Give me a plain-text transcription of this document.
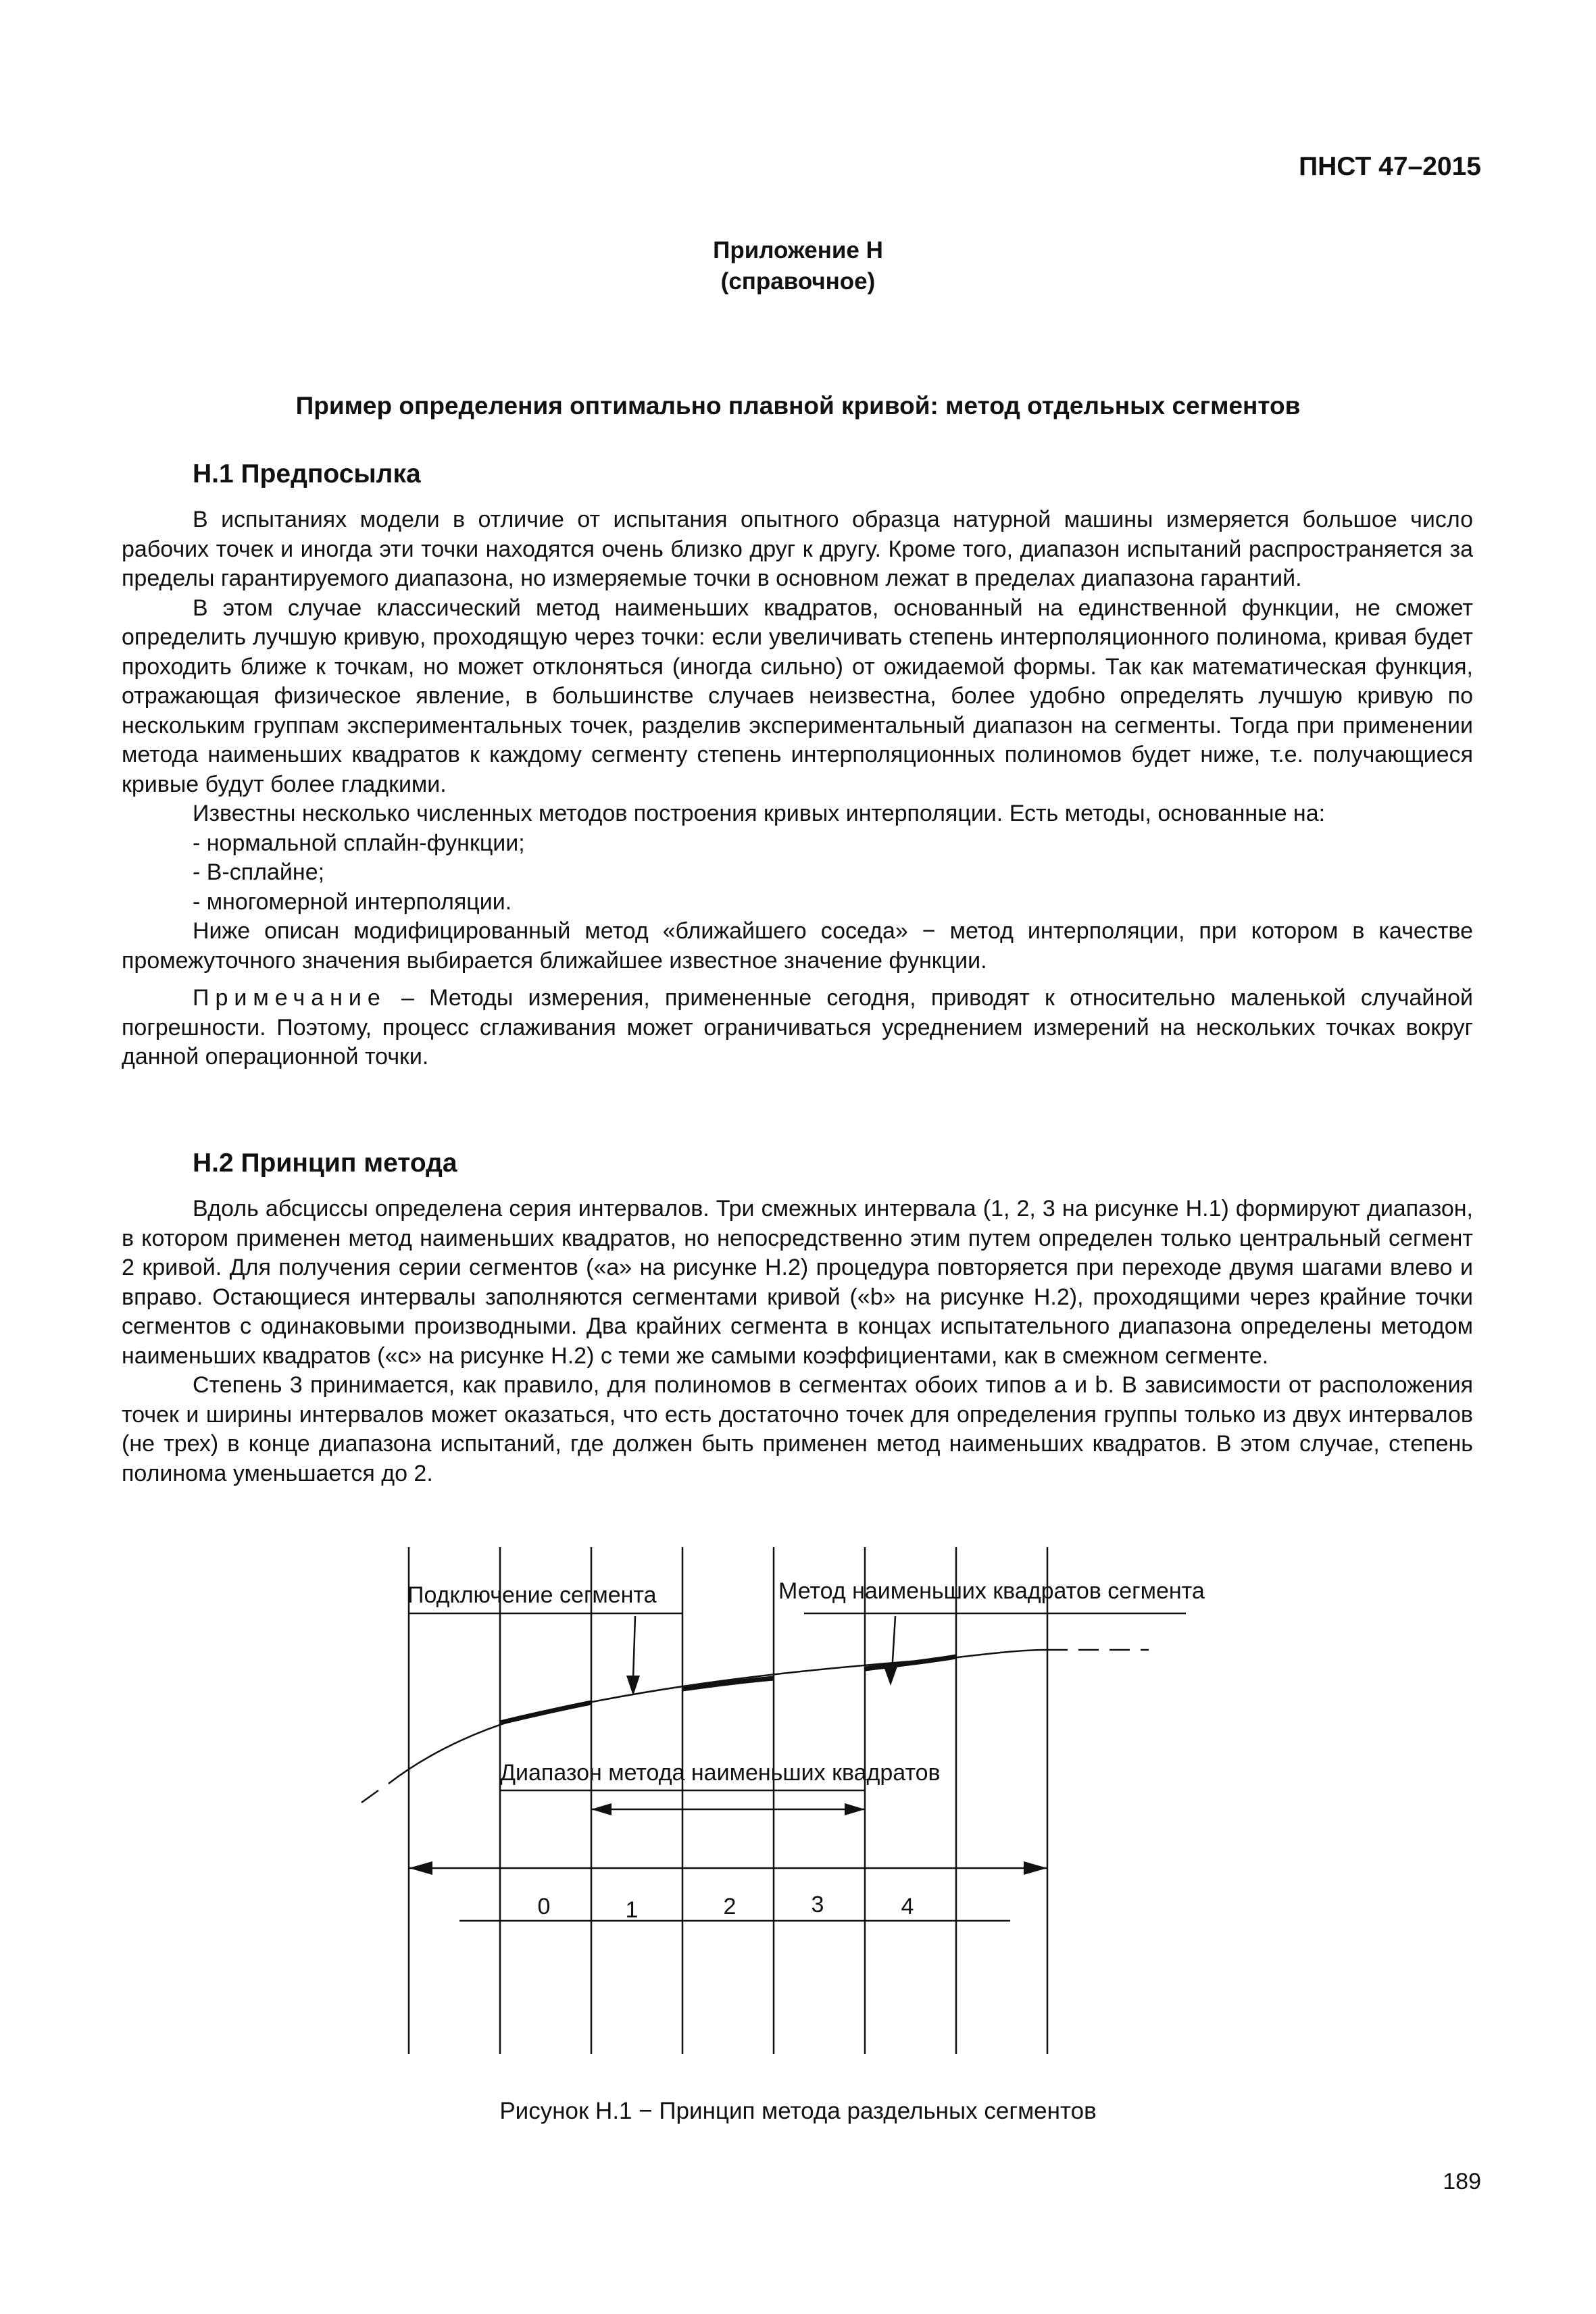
ПНСТ 47–2015
Приложение Н
(справочное)
Пример определения оптимально плавной кривой: метод отдельных сегментов
Н.1 Предпосылка

В испытаниях модели в отличие от испытания опытного образца натурной машины измеряется большое число рабочих точек и иногда эти точки находятся очень близко друг к другу. Кроме того, диапазон испытаний распространяется за пределы гарантируемого диапазона, но измеряемые точки в основном лежат в пределах диапазона гарантий.

В этом случае классический метод наименьших квадратов, основанный на единственной функции, не сможет определить лучшую кривую, проходящую через точки: если увеличивать степень интерполяционного полинома, кривая будет проходить ближе к точкам, но может отклоняться (иногда сильно) от ожидаемой формы. Так как математическая функция, отражающая физическое явление, в большинстве случаев неизвестна, более удобно определять лучшую кривую по нескольким группам экспериментальных точек, разделив экспериментальный диапазон на сегменты. Тогда при применении метода наименьших квадратов к каждому сегменту степень интерполяционных полиномов будет ниже, т.е. получающиеся кривые будут более гладкими.

Известны несколько численных методов построения кривых интерполяции. Есть методы, основанные на:

- нормальной сплайн-функции;

- В-сплайне;

- многомерной интерполяции.

Ниже описан модифицированный метод «ближайшего соседа» − метод интерполяции, при котором в качестве промежуточного значения выбирается ближайшее известное значение функции.

Примечание – Методы измерения, примененные сегодня, приводят к относительно маленькой случайной погрешности. Поэтому, процесс сглаживания может ограничиваться усреднением измерений на нескольких точках вокруг данной операционной точки.

Н.2 Принцип метода

Вдоль абсциссы определена серия интервалов. Три смежных интервала (1, 2, 3 на рисунке Н.1) формируют диапазон, в котором применен метод наименьших квадратов, но непосредственно этим путем определен только центральный сегмент 2 кривой. Для получения серии сегментов («a» на рисунке Н.2) процедура повторяется при переходе двумя шагами влево и вправо. Остающиеся интервалы заполняются сегментами кривой («b» на рисунке Н.2), проходящими через крайние точки сегментов с одинаковыми производными. Два крайних сегмента в концах испытательного диапазона определены методом наименьших квадратов («c» на рисунке Н.2) с теми же самыми коэффициентами, как в смежном сегменте.

Степень 3 принимается, как правило, для полиномов в сегментах обоих типов a и b. В зависимости от расположения точек и ширины интервалов может оказаться, что есть достаточно точек для определения группы только из двух интервалов (не трех) в конце диапазона испытаний, где должен быть применен метод наименьших квадратов. В этом случае, степень полинома уменьшается до 2.

Подключение сегмента	Метод наименьших квадратов сегмента
Диапазон метода наименьших квадратов
0	1	2	3	4
Рисунок Н.1 − Принцип метода раздельных сегментов
189
